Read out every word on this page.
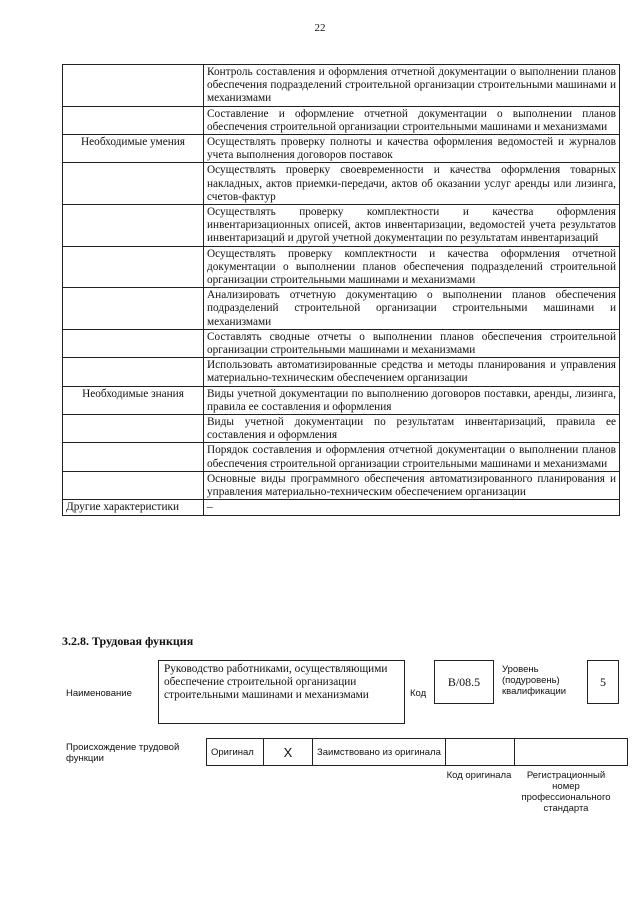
22
	Контроль составления и оформления отчетной документации о выполнении планов обеспечения подразделений строительной организации строительными машинами и механизмами
	Составление и оформление отчетной документации о выполнении планов обеспечения строительной организации строительными машинами и механизмами
Необходимые умения	Осуществлять проверку полноты и качества оформления ведомостей и журналов учета выполнения договоров поставок
	Осуществлять проверку своевременности и качества оформления товарных накладных, актов приемки-передачи, актов об оказании услуг аренды или лизинга, счетов-фактур
	Осуществлять проверку комплектности и качества оформления инвентаризационных описей, актов инвентаризации, ведомостей учета результатов инвентаризаций и другой учетной документации по результатам инвентаризаций
	Осуществлять проверку комплектности и качества оформления отчетной документации о выполнении планов обеспечения подразделений строительной организации строительными машинами и механизмами
	Анализировать отчетную документацию о выполнении планов обеспечения подразделений строительной организации строительными машинами и механизмами
	Составлять сводные отчеты о выполнении планов обеспечения строительной организации строительными машинами и механизмами
	Использовать автоматизированные средства и методы планирования и управления материально-техническим обеспечением организации
Необходимые знания	Виды учетной документации по выполнению договоров поставки, аренды, лизинга, правила ее составления и оформления
	Виды учетной документации по результатам инвентаризаций, правила ее составления и оформления
	Порядок составления и оформления отчетной документации о выполнении планов обеспечения строительной организации строительными машинами и механизмами
	Основные виды программного обеспечения автоматизированного планирования и управления материально-техническим обеспечением организации
Другие характеристики	–
3.2.8. Трудовая функция
Наименование
Руководство работниками, осуществляющими обеспечение строительной организации строительными машинами и механизмами	Код
B/08.5
Уровень (подуровень) квалификации
5
Происхождение трудовой функции
Оригинал	X	Заимствовано из оригинала		
Код оригинала	Регистрационный номер профессионального стандарта
